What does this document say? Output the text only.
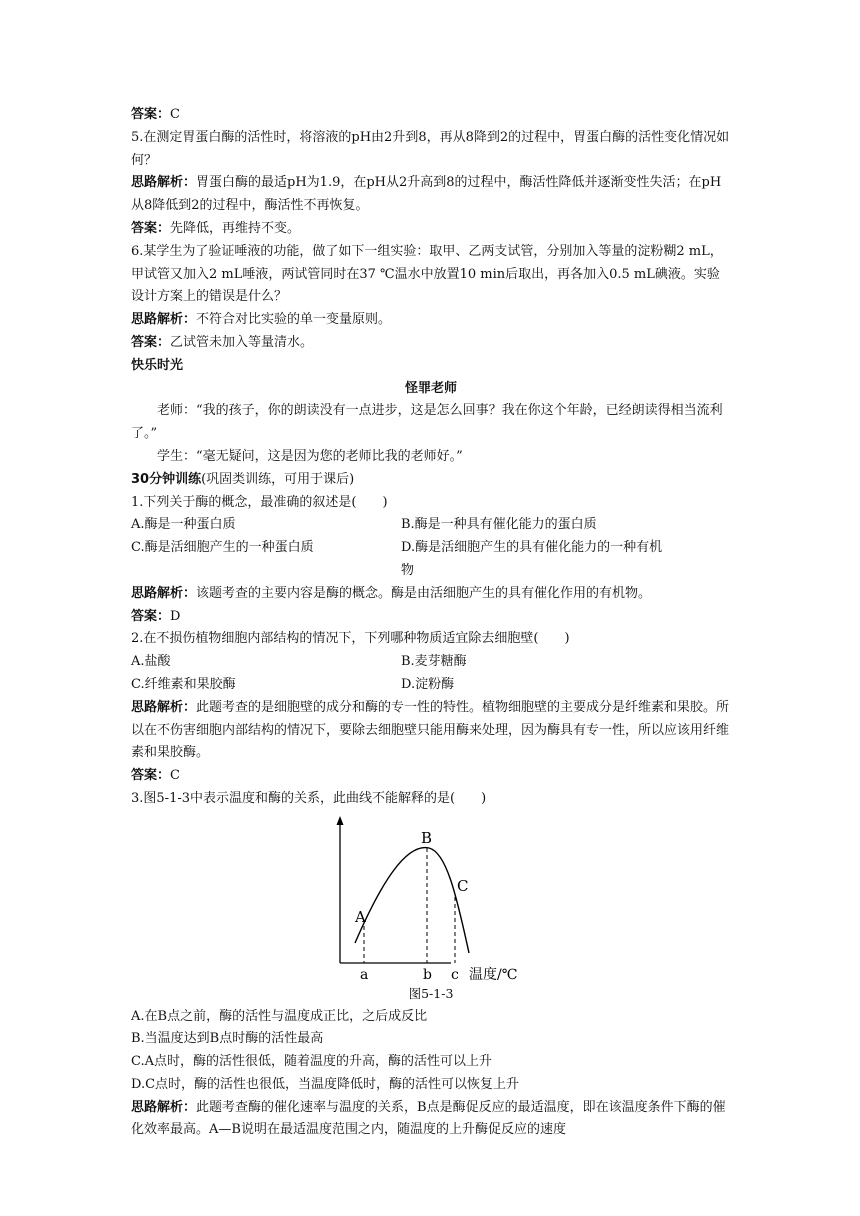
答案：C

5.在测定胃蛋白酶的活性时，将溶液的pH由2升到8，再从8降到2的过程中，胃蛋白酶的活性变化情况如何？

思路解析：胃蛋白酶的最适pH为1.9，在pH从2升高到8的过程中，酶活性降低并逐渐变性失活；在pH从8降低到2的过程中，酶活性不再恢复。

答案：先降低，再维持不变。

6.某学生为了验证唾液的功能，做了如下一组实验：取甲、乙两支试管，分别加入等量的淀粉糊2 mL，甲试管又加入2 mL唾液，两试管同时在37 ℃温水中放置10 min后取出，再各加入0.5 mL碘液。实验设计方案上的错误是什么？

思路解析：不符合对比实验的单一变量原则。

答案：乙试管未加入等量清水。

快乐时光

怪罪老师

老师：“我的孩子，你的朗读没有一点进步，这是怎么回事？我在你这个年龄，已经朗读得相当流利了。”

学生：“毫无疑问，这是因为您的老师比我的老师好。”

30分钟训练(巩固类训练，可用于课后)

1.下列关于酶的概念，最准确的叙述是(　　)

A.酶是一种蛋白质	B.酶是一种具有催化能力的蛋白质
C.酶是活细胞产生的一种蛋白质	D.酶是活细胞产生的具有催化能力的一种有机物

思路解析：该题考查的主要内容是酶的概念。酶是由活细胞产生的具有催化作用的有机物。

答案：D

2.在不损伤植物细胞内部结构的情况下，下列哪种物质适宜除去细胞壁(　　)

A.盐酸	B.麦芽糖酶
C.纤维素和果胶酶	D.淀粉酶

思路解析：此题考查的是细胞壁的成分和酶的专一性的特性。植物细胞壁的主要成分是纤维素和果胶。所以在不伤害细胞内部结构的情况下，要除去细胞壁只能用酶来处理，因为酶具有专一性，所以应该用纤维素和果胶酶。

答案：C

3.图5-1-3中表示温度和酶的关系，此曲线不能解释的是(　　)

A
B
C
a	b c 温度/℃

图5-1-3

A.在B点之前，酶的活性与温度成正比，之后成反比

B.当温度达到B点时酶的活性最高

C.A点时，酶的活性很低，随着温度的升高，酶的活性可以上升

D.C点时，酶的活性也很低，当温度降低时，酶的活性可以恢复上升

思路解析：此题考查酶的催化速率与温度的关系，B点是酶促反应的最适温度，即在该温度条件下酶的催化效率最高。A—B说明在最适温度范围之内，随温度的上升酶促反应的速度
